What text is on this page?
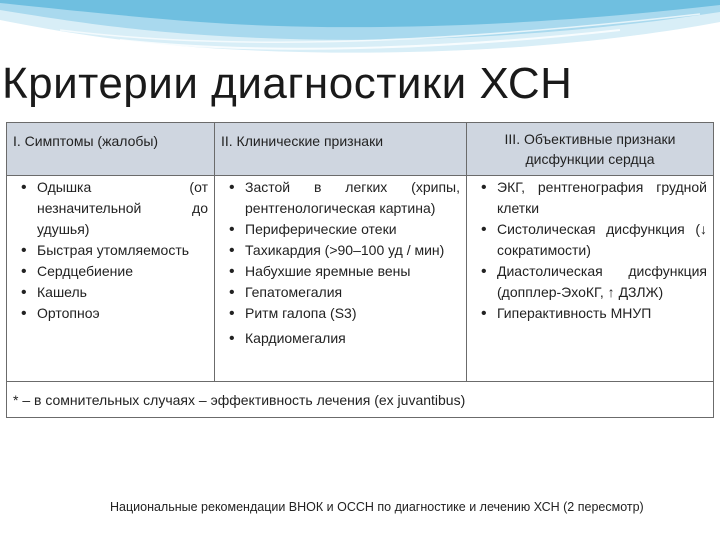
Критерии диагностики ХСН
I. Симптомы (жалобы)
• Одышка (от незначительной до удушья)
• Быстрая утомляемость
• Сердцебиение
• Кашель
• Ортопноэ
II. Клинические признаки
• Застой в легких (хрипы, рентгенологическая картина)
• Периферические отеки
• Тахикардия (>90–100 уд / мин)
• Набухшие яремные вены
• Гепатомегалия
• Ритм галопа (S3)
• Кардиомегалия
III. Объективные признаки дисфункции сердца
• ЭКГ, рентгенография грудной клетки
• Систолическая дисфункция (↓ сократимости)
• Диастолическая дисфункция (допплер-ЭхоКГ, ↑ ДЗЛЖ)
• Гиперактивность МНУП
* – в сомнительных случаях – эффективность лечения (ex juvantibus)
Национальные рекомендации ВНОК и ОССН по диагностике и лечению ХСН (2 пересмотр)
